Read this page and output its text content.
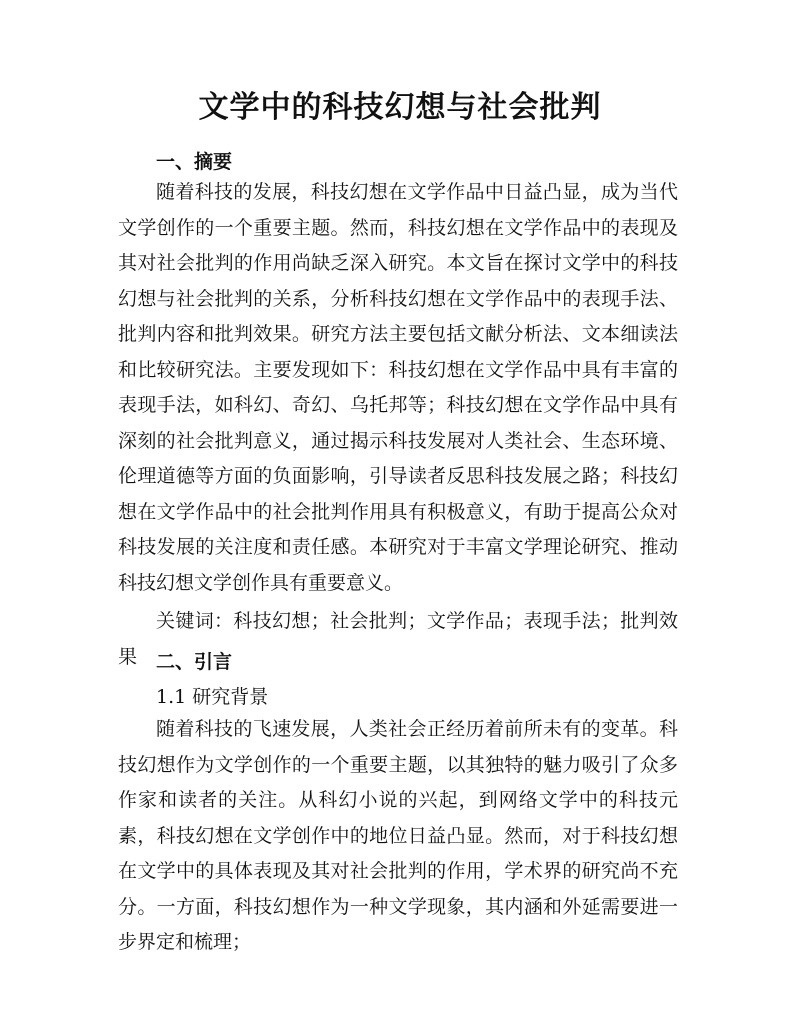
文学中的科技幻想与社会批判
一、摘要

随着科技的发展，科技幻想在文学作品中日益凸显，成为当代文学创作的一个重要主题。然而，科技幻想在文学作品中的表现及其对社会批判的作用尚缺乏深入研究。本文旨在探讨文学中的科技幻想与社会批判的关系，分析科技幻想在文学作品中的表现手法、批判内容和批判效果。研究方法主要包括文献分析法、文本细读法和比较研究法。主要发现如下：科技幻想在文学作品中具有丰富的表现手法，如科幻、奇幻、乌托邦等；科技幻想在文学作品中具有深刻的社会批判意义，通过揭示科技发展对人类社会、生态环境、伦理道德等方面的负面影响，引导读者反思科技发展之路；科技幻想在文学作品中的社会批判作用具有积极意义，有助于提高公众对科技发展的关注度和责任感。本研究对于丰富文学理论研究、推动科技幻想文学创作具有重要意义。

关键词：科技幻想；社会批判；文学作品；表现手法；批判效果 二、引言

1.1 研究背景

随着科技的飞速发展，人类社会正经历着前所未有的变革。科技幻想作为文学创作的一个重要主题，以其独特的魅力吸引了众多作家和读者的关注。从科幻小说的兴起，到网络文学中的科技元素，科技幻想在文学创作中的地位日益凸显。然而，对于科技幻想在文学中的具体表现及其对社会批判的作用，学术界的研究尚不充分。一方面，科技幻想作为一种文学现象，其内涵和外延需要进一步界定和梳理；
